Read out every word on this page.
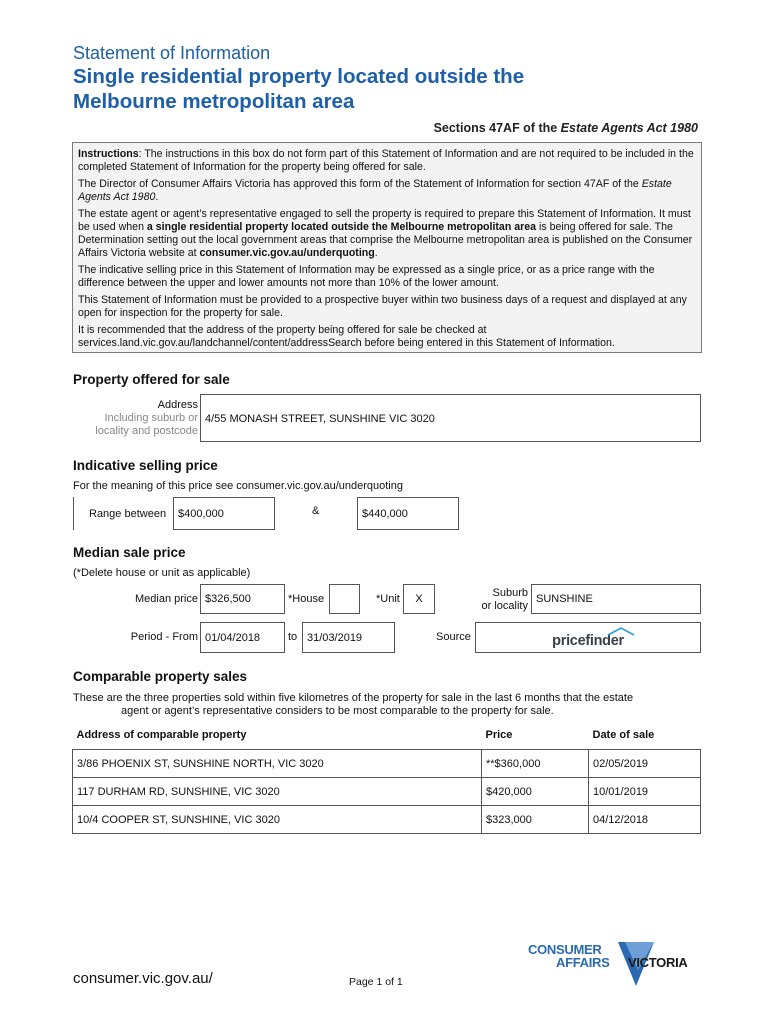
Statement of Information
Single residential property located outside the
Melbourne metropolitan area
Sections 47AF of the Estate Agents Act 1980

Instructions: The instructions in this box do not form part of this Statement of Information and are not required to be included in the completed Statement of Information for the property being offered for sale.

The Director of Consumer Affairs Victoria has approved this form of the Statement of Information for section 47AF of the Estate Agents Act 1980.

The estate agent or agent’s representative engaged to sell the property is required to prepare this Statement of Information. It must be used when a single residential property located outside the Melbourne metropolitan area is being offered for sale. The Determination setting out the local government areas that comprise the Melbourne metropolitan area is published on the Consumer Affairs Victoria website at consumer.vic.gov.au/underquoting.

The indicative selling price in this Statement of Information may be expressed as a single price, or as a price range with the difference between the upper and lower amounts not more than 10% of the lower amount.

This Statement of Information must be provided to a prospective buyer within two business days of a request and displayed at any open for inspection for the property for sale.

It is recommended that the address of the property being offered for sale be checked at services.land.vic.gov.au/landchannel/content/addressSearch before being entered in this Statement of Information.

Property offered for sale
Address
Including suburb or
locality and postcode
4/55 MONASH STREET, SUNSHINE VIC 3020
Indicative selling price
For the meaning of this price see consumer.vic.gov.au/underquoting
Range between	$400,000	&	$440,000
Median sale price
(*Delete house or unit as applicable)
Median price $326,500	*House	*Unit	X	Suburb
or locality
SUNSHINE
Period - From 01/04/2018	to 31/03/2019	Source	pricefinder
Comparable property sales
These are the three properties sold within five kilometres of the property for sale in the last 6 months that the estate
agent or agent’s representative considers to be most comparable to the property for sale.
Address of comparable property	Price	Date of sale
3/86 PHOENIX ST, SUNSHINE NORTH, VIC 3020	**$360,000	02/05/2019
117 DURHAM RD, SUNSHINE, VIC 3020	$420,000	10/01/2019
10/4 COOPER ST, SUNSHINE, VIC 3020	$323,000	04/12/2018
consumer.vic.gov.au/	Page 1 of 1
CONSUMER
AFFAIRS VICTORIA
